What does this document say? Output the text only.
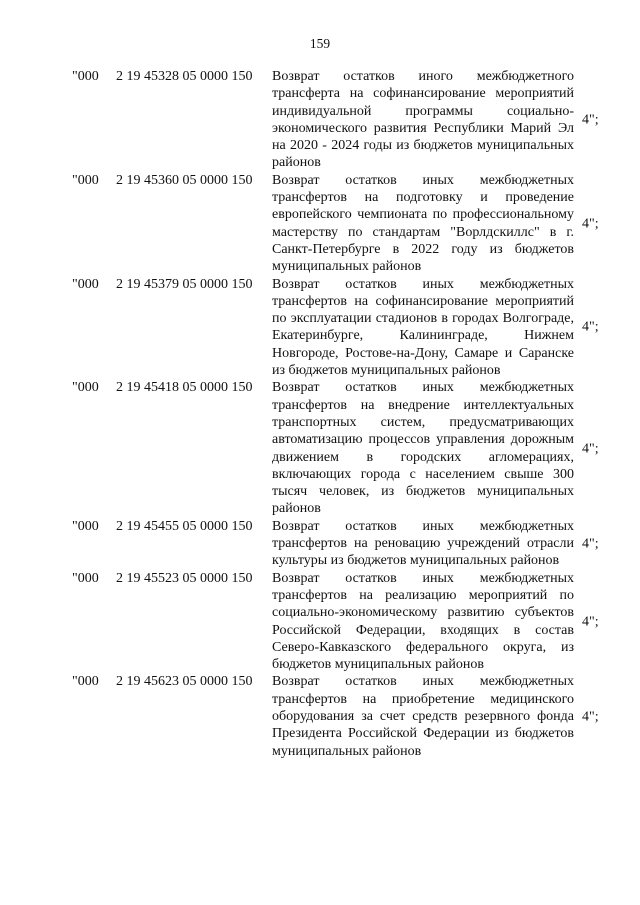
159
"000 2 19 45328 05 0000 150 Возврат остатков иного межбюджетного трансферта на софинансирование мероприятий индивидуальной программы социально-экономического развития Республики Марий Эл на 2020 - 2024 годы из бюджетов муниципальных районов
4";
"000 2 19 45360 05 0000 150 Возврат остатков иных межбюджетных трансфертов на подготовку и проведение европейского чемпионата по профессиональному мастерству по стандартам "Ворлдскиллс" в г. Санкт-Петербурге в 2022 году из бюджетов муниципальных районов
4";
"000 2 19 45379 05 0000 150 Возврат остатков иных межбюджетных трансфертов на софинансирование мероприятий по эксплуатации стадионов в городах Волгограде, Екатеринбурге, Калининграде, Нижнем Новгороде, Ростове-на-Дону, Самаре и Саранске из бюджетов муниципальных районов
4";
"000 2 19 45418 05 0000 150 Возврат остатков иных межбюджетных трансфертов на внедрение интеллектуальных транспортных систем, предусматривающих автоматизацию процессов управления дорожным движением в городских агломерациях, включающих города с населением свыше 300 тысяч человек, из бюджетов муниципальных районов
4";
"000 2 19 45455 05 0000 150 Возврат остатков иных межбюджетных трансфертов на реновацию учреждений отрасли культуры из бюджетов муниципальных районов
4";
"000 2 19 45523 05 0000 150 Возврат остатков иных межбюджетных трансфертов на реализацию мероприятий по социально-экономическому развитию субъектов Российской Федерации, входящих в состав Северо-Кавказского федерального округа, из бюджетов муниципальных районов
4";
"000 2 19 45623 05 0000 150 Возврат остатков иных межбюджетных трансфертов на приобретение медицинского оборудования за счет средств резервного фонда Президента Российской Федерации из бюджетов муниципальных районов
4";
